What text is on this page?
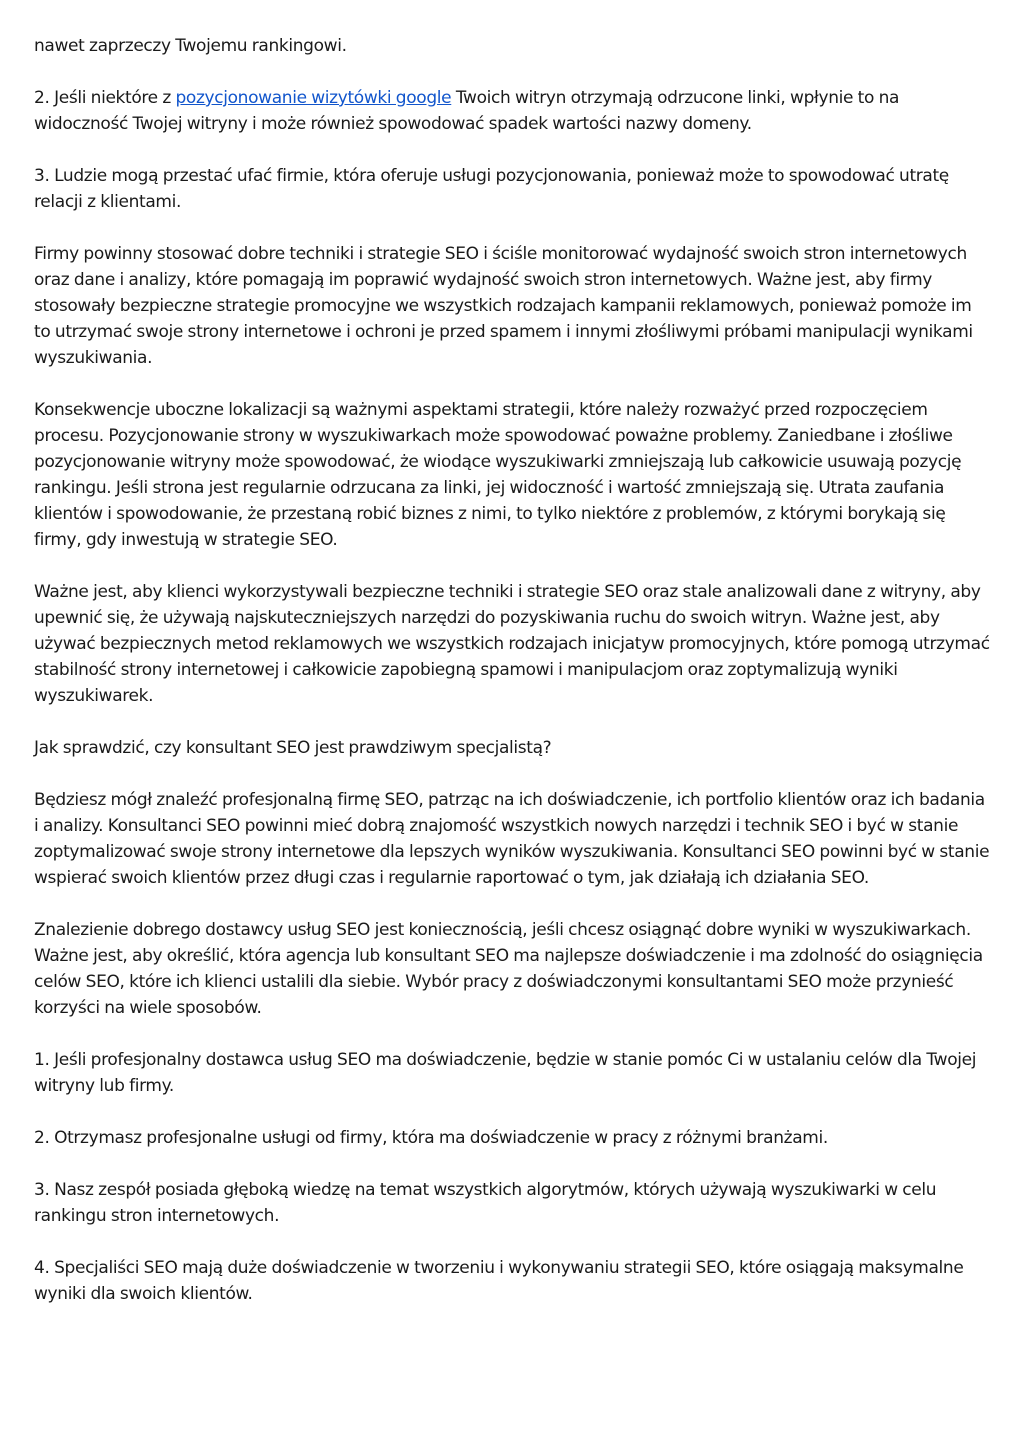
nawet zaprzeczy Twojemu rankingowi.

2. Jeśli niektóre z pozycjonowanie wizytówki google Twoich witryn otrzymają odrzucone linki, wpłynie to na widoczność Twojej witryny i może również spowodować spadek wartości nazwy domeny.

3. Ludzie mogą przestać ufać firmie, która oferuje usługi pozycjonowania, ponieważ może to spowodować utratę relacji z klientami.

Firmy powinny stosować dobre techniki i strategie SEO i ściśle monitorować wydajność swoich stron internetowych oraz dane i analizy, które pomagają im poprawić wydajność swoich stron internetowych. Ważne jest, aby firmy stosowały bezpieczne strategie promocyjne we wszystkich rodzajach kampanii reklamowych, ponieważ pomoże im to utrzymać swoje strony internetowe i ochroni je przed spamem i innymi złośliwymi próbami manipulacji wynikami wyszukiwania.

Konsekwencje uboczne lokalizacji są ważnymi aspektami strategii, które należy rozważyć przed rozpoczęciem procesu. Pozycjonowanie strony w wyszukiwarkach może spowodować poważne problemy. Zaniedbane i złośliwe pozycjonowanie witryny może spowodować, że wiodące wyszukiwarki zmniejszają lub całkowicie usuwają pozycję rankingu. Jeśli strona jest regularnie odrzucana za linki, jej widoczność i wartość zmniejszają się. Utrata zaufania klientów i spowodowanie, że przestaną robić biznes z nimi, to tylko niektóre z problemów, z którymi borykają się firmy, gdy inwestują w strategie SEO.

Ważne jest, aby klienci wykorzystywali bezpieczne techniki i strategie SEO oraz stale analizowali dane z witryny, aby upewnić się, że używają najskuteczniejszych narzędzi do pozyskiwania ruchu do swoich witryn. Ważne jest, aby używać bezpiecznych metod reklamowych we wszystkich rodzajach inicjatyw promocyjnych, które pomogą utrzymać stabilność strony internetowej i całkowicie zapobiegną spamowi i manipulacjom oraz zoptymalizują wyniki wyszukiwarek.

Jak sprawdzić, czy konsultant SEO jest prawdziwym specjalistą?

Będziesz mógł znaleźć profesjonalną firmę SEO, patrząc na ich doświadczenie, ich portfolio klientów oraz ich badania i analizy. Konsultanci SEO powinni mieć dobrą znajomość wszystkich nowych narzędzi i technik SEO i być w stanie zoptymalizować swoje strony internetowe dla lepszych wyników wyszukiwania. Konsultanci SEO powinni być w stanie wspierać swoich klientów przez długi czas i regularnie raportować o tym, jak działają ich działania SEO.

Znalezienie dobrego dostawcy usług SEO jest koniecznością, jeśli chcesz osiągnąć dobre wyniki w wyszukiwarkach. Ważne jest, aby określić, która agencja lub konsultant SEO ma najlepsze doświadczenie i ma zdolność do osiągnięcia celów SEO, które ich klienci ustalili dla siebie. Wybór pracy z doświadczonymi konsultantami SEO może przynieść korzyści na wiele sposobów.

1. Jeśli profesjonalny dostawca usług SEO ma doświadczenie, będzie w stanie pomóc Ci w ustalaniu celów dla Twojej witryny lub firmy.

2. Otrzymasz profesjonalne usługi od firmy, która ma doświadczenie w pracy z różnymi branżami.

3. Nasz zespół posiada głęboką wiedzę na temat wszystkich algorytmów, których używają wyszukiwarki w celu rankingu stron internetowych.

4. Specjaliści SEO mają duże doświadczenie w tworzeniu i wykonywaniu strategii SEO, które osiągają maksymalne wyniki dla swoich klientów.
